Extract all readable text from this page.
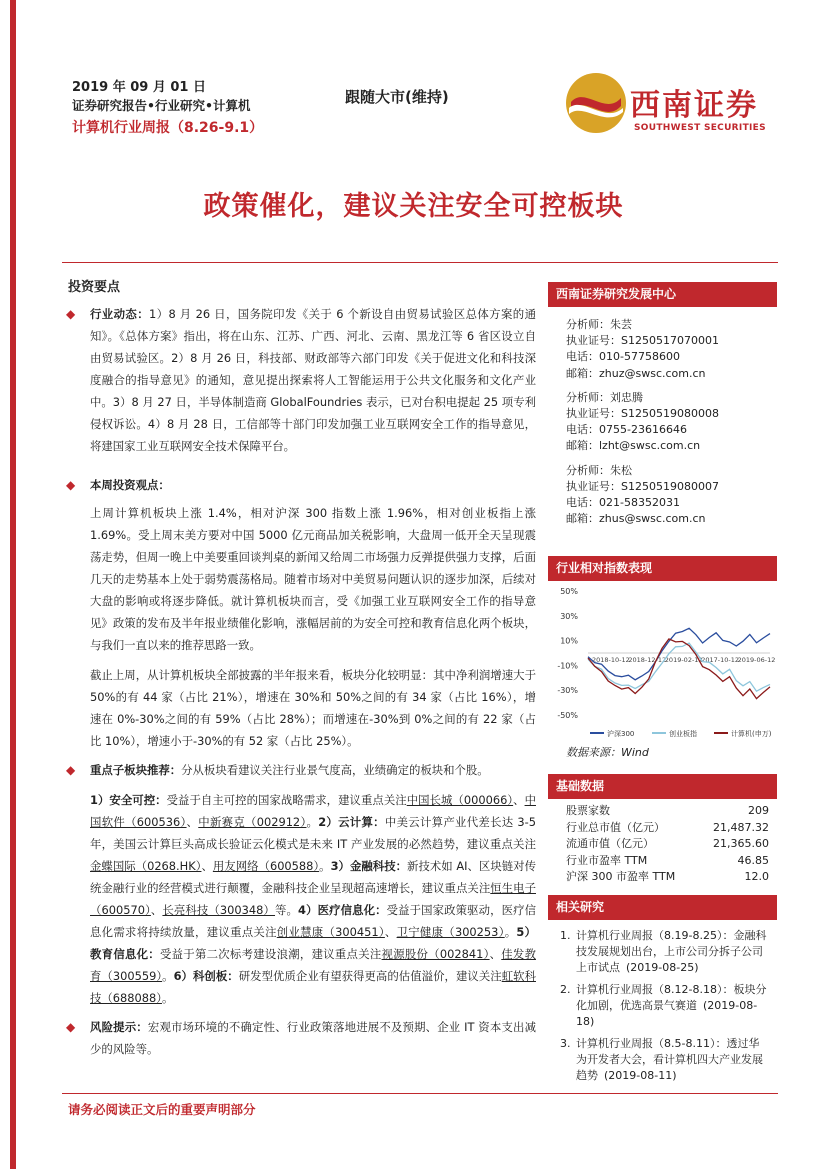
2019 年 09 月 01 日
证券研究报告•行业研究•计算机
计算机行业周报（8.26-9.1）
跟随大市(维持)	西南证券
SOUTHWEST SECURITIES
政策催化，建议关注安全可控板块
投资要点
◆	行业动态：1）8 月 26 日，国务院印发《关于 6 个新设自由贸易试验区总体方案的通知》。《总体方案》指出，将在山东、江苏、广西、河北、云南、黑龙江等 6 省区设立自由贸易试验区。2）8 月 26 日，科技部、财政部等六部门印发《关于促进文化和科技深度融合的指导意见》的通知，意见提出探索将人工智能运用于公共文化服务和文化产业中。3）8 月 27 日，半导体制造商 GlobalFoundries 表示，已对台积电提起 25 项专利侵权诉讼。4）8 月 28 日，工信部等十部门印发加强工业互联网安全工作的指导意见，将建国家工业互联网安全技术保障平台。
◆	本周投资观点：
上周计算机板块上涨 1.4%，相对沪深 300 指数上涨 1.96%，相对创业板指上涨 1.69%。受上周末美方要对中国 5000 亿元商品加关税影响，大盘周一低开全天呈现震荡走势，但周一晚上中美要重回谈判桌的新闻又给周二市场强力反弹提供强力支撑，后面几天的走势基本上处于弱势震荡格局。随着市场对中美贸易问题认识的逐步加深，后续对大盘的影响或将逐步降低。就计算机板块而言，受《加强工业互联网安全工作的指导意见》政策的发布及半年报业绩催化影响，涨幅居前的为安全可控和教育信息化两个板块，与我们一直以来的推荐思路一致。
截止上周，从计算机板块全部披露的半年报来看，板块分化较明显：其中净利润增速大于 50%的有 44 家（占比 21%），增速在 30%和 50%之间的有 34 家（占比 16%），增速在 0%-30%之间的有 59%（占比 28%）；而增速在-30%到 0%之间的有 22 家（占比 10%），增速小于-30%的有 52 家（占比 25%）。
◆	重点子板块推荐：分从板块看建议关注行业景气度高，业绩确定的板块和个股。
1）安全可控：受益于自主可控的国家战略需求，建议重点关注中国长城（000066）、中国软件（600536）、中新赛克（002912）。2）云计算：中美云计算产业代差长达 3-5 年，美国云计算巨头高成长验证云化模式是未来 IT 产业发展的必然趋势，建议重点关注金蝶国际（0268.HK）、用友网络（600588）。3）金融科技：新技术如 AI、区块链对传统金融行业的经营模式进行颠覆，金融科技企业呈现超高速增长，建议重点关注恒生电子（600570）、长亮科技（300348）等。4）医疗信息化：受益于国家政策驱动，医疗信息化需求将持续放量，建议重点关注创业慧康（300451）、卫宁健康（300253）。5）教育信息化：受益于第二次标考建设浪潮，建议重点关注视源股份（002841）、佳发教育（300559）。6）科创板：研发型优质企业有望获得更高的估值溢价，建议关注虹软科技（688088）。
◆	风险提示：宏观市场环境的不确定性、行业政策落地进展不及预期、企业 IT 资本支出减少的风险等。
西南证券研究发展中心
分析师：朱芸
执业证号：S1250517070001
电话：010-57758600
邮箱：zhuz@swsc.com.cn
分析师：刘忠腾
执业证号：S1250519080008
电话：0755-23616646
邮箱：lzht@swsc.com.cn
分析师：朱松
执业证号：S1250519080007
电话：021-58352031
邮箱：zhus@swsc.com.cn
行业相对指数表现
50%
30%
10%
-10%
-30%
-50%
2018-10-12
2018-12-12
2019-02-12
2017-10-12
2019-06-12
沪深300	创业板指	计算机(申万)
数据来源：Wind
基础数据
股票家数	209
行业总市值（亿元）	21,487.32
流通市值（亿元）	21,365.60
行业市盈率 TTM	46.85
沪深 300 市盈率 TTM	12.0
相关研究
1. 计算机行业周报（8.19-8.25）：金融科技发展规划出台，上市公司分拆子公司上市试点 (2019-08-25)
2. 计算机行业周报（8.12-8.18）：板块分化加剧，优选高景气赛道 (2019-08-18)
3. 计算机行业周报（8.5-8.11）：透过华为开发者大会，看计算机四大产业发展趋势 (2019-08-11)
请务必阅读正文后的重要声明部分
